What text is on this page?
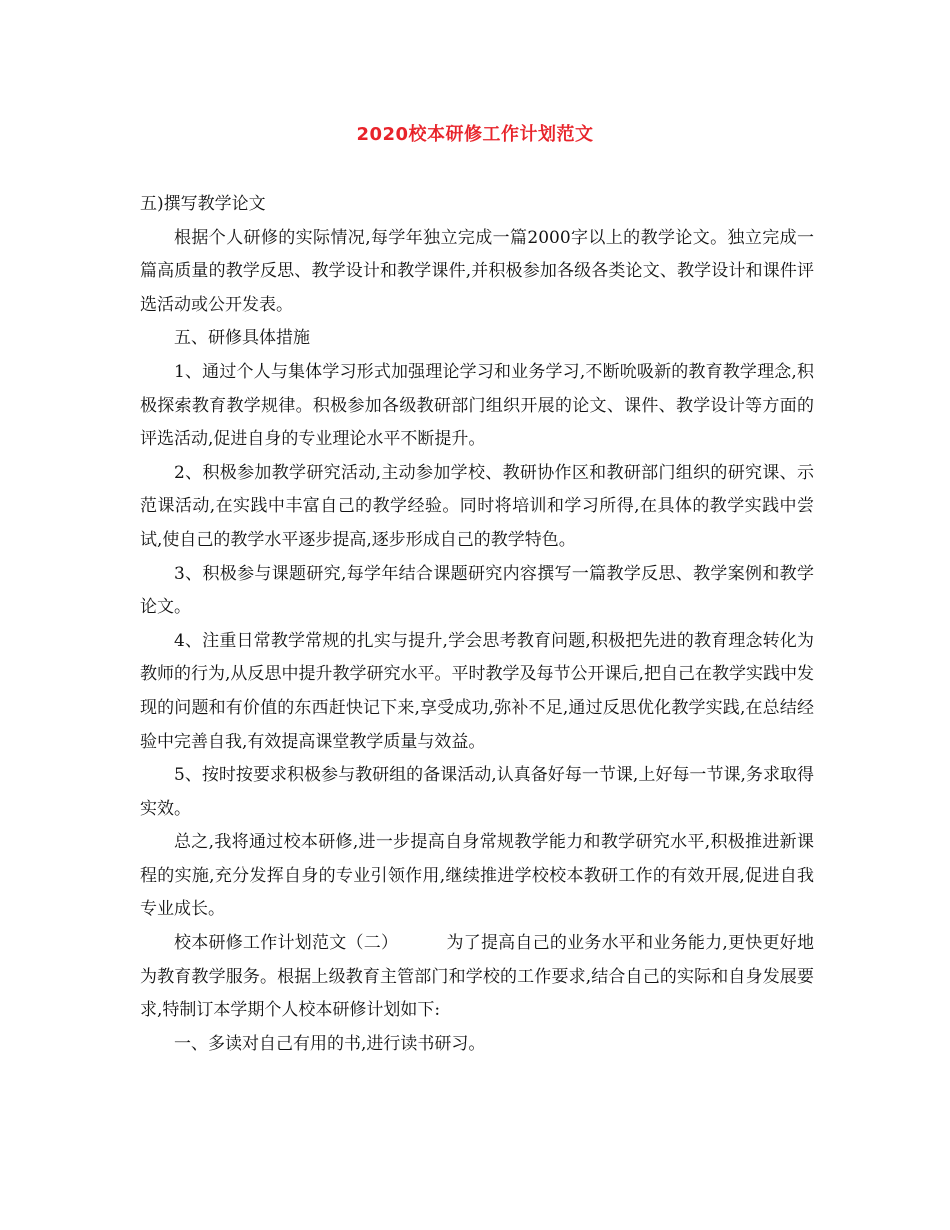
2020校本研修工作计划范文

五)撰写教学论文

根据个人研修的实际情况,每学年独立完成一篇2000字以上的教学论文。独立完成一篇高质量的教学反思、教学设计和教学课件,并积极参加各级各类论文、教学设计和课件评选活动或公开发表。

五、研修具体措施

1、通过个人与集体学习形式加强理论学习和业务学习,不断吮吸新的教育教学理念,积极探索教育教学规律。积极参加各级教研部门组织开展的论文、课件、教学设计等方面的评选活动,促进自身的专业理论水平不断提升。

2、积极参加教学研究活动,主动参加学校、教研协作区和教研部门组织的研究课、示范课活动,在实践中丰富自己的教学经验。同时将培训和学习所得,在具体的教学实践中尝试,使自己的教学水平逐步提高,逐步形成自己的教学特色。

3、积极参与课题研究,每学年结合课题研究内容撰写一篇教学反思、教学案例和教学论文。

4、注重日常教学常规的扎实与提升,学会思考教育问题,积极把先进的教育理念转化为教师的行为,从反思中提升教学研究水平。平时教学及每节公开课后,把自己在教学实践中发现的问题和有价值的东西赶快记下来,享受成功,弥补不足,通过反思优化教学实践,在总结经验中完善自我,有效提高课堂教学质量与效益。

5、按时按要求积极参与教研组的备课活动,认真备好每一节课,上好每一节课,务求取得实效。

总之,我将通过校本研修,进一步提高自身常规教学能力和教学研究水平,积极推进新课程的实施,充分发挥自身的专业引领作用,继续推进学校校本教研工作的有效开展,促进自我专业成长。

校本研修工作计划范文（二）	为了提高自己的业务水平和业务能力,更快更好地为教育教学服务。根据上级教育主管部门和学校的工作要求,结合自己的实际和自身发展要求,特制订本学期个人校本研修计划如下:

一、多读对自己有用的书,进行读书研习。
